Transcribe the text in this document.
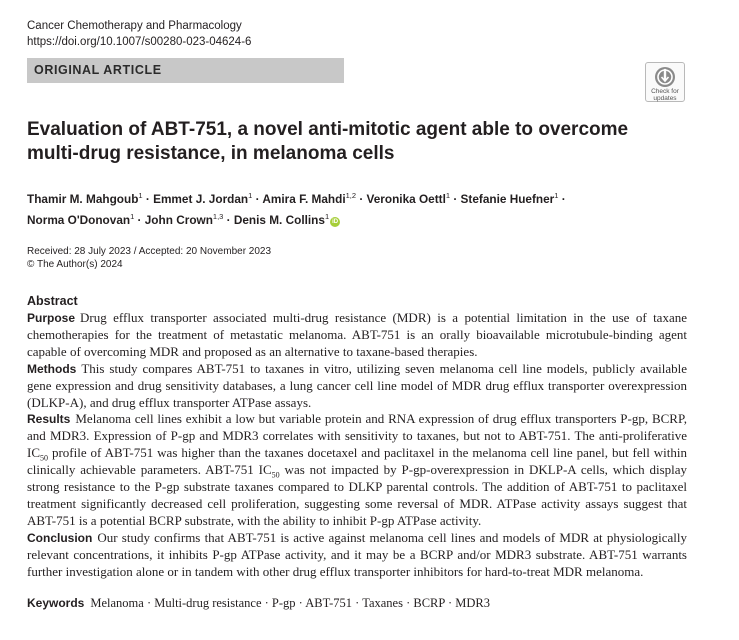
Cancer Chemotherapy and Pharmacology
https://doi.org/10.1007/s00280-023-04624-6
ORIGINAL ARTICLE
Check for
updates
Evaluation of ABT-751, a novel anti-mitotic agent able to overcome
multi-drug resistance, in melanoma cells
Thamir M. Mahgoub$^1$ · Emmet J. Jordan$^1$ · Amira F. Mahdi$^{1,2}$ · Veronika Oettl$^1$ · Stefanie Huefner$^1$ ·
Norma O'Donovan$^1$ · John Crown$^{1,3}$ · Denis M. Collins$^1$iD
Received: 28 July 2023 / Accepted: 20 November 2023
© The Author(s) 2024
Abstract

Purpose Drug efflux transporter associated multi-drug resistance (MDR) is a potential limitation in the use of taxane chemotherapies for the treatment of metastatic melanoma. ABT-751 is an orally bioavailable microtubule-binding agent capable of overcoming MDR and proposed as an alternative to taxane-based therapies.

Methods This study compares ABT-751 to taxanes in vitro, utilizing seven melanoma cell line models, publicly available gene expression and drug sensitivity databases, a lung cancer cell line model of MDR drug efflux transporter overexpression (DLKP-A), and drug efflux transporter ATPase assays.

Results Melanoma cell lines exhibit a low but variable protein and RNA expression of drug efflux transporters P-gp, BCRP, and MDR3. Expression of P-gp and MDR3 correlates with sensitivity to taxanes, but not to ABT-751. The anti-proliferative $IC_{50}$ profile of ABT-751 was higher than the taxanes docetaxel and paclitaxel in the melanoma cell line panel, but fell within clinically achievable parameters. ABT-751 $IC_{50}$ was not impacted by P-gp-overexpression in DKLP-A cells, which display strong resistance to the P-gp substrate taxanes compared to DLKP parental controls. The addition of ABT-751 to paclitaxel treatment significantly decreased cell proliferation, suggesting some reversal of MDR. ATPase activity assays suggest that ABT-751 is a potential BCRP substrate, with the ability to inhibit P-gp ATPase activity.

Conclusion Our study confirms that ABT-751 is active against melanoma cell lines and models of MDR at physiologically relevant concentrations, it inhibits P-gp ATPase activity, and it may be a BCRP and/or MDR3 substrate. ABT-751 warrants further investigation alone or in tandem with other drug efflux transporter inhibitors for hard-to-treat MDR melanoma.

Keywords Melanoma · Multi-drug resistance · P-gp · ABT-751 · Taxanes · BCRP · MDR3
